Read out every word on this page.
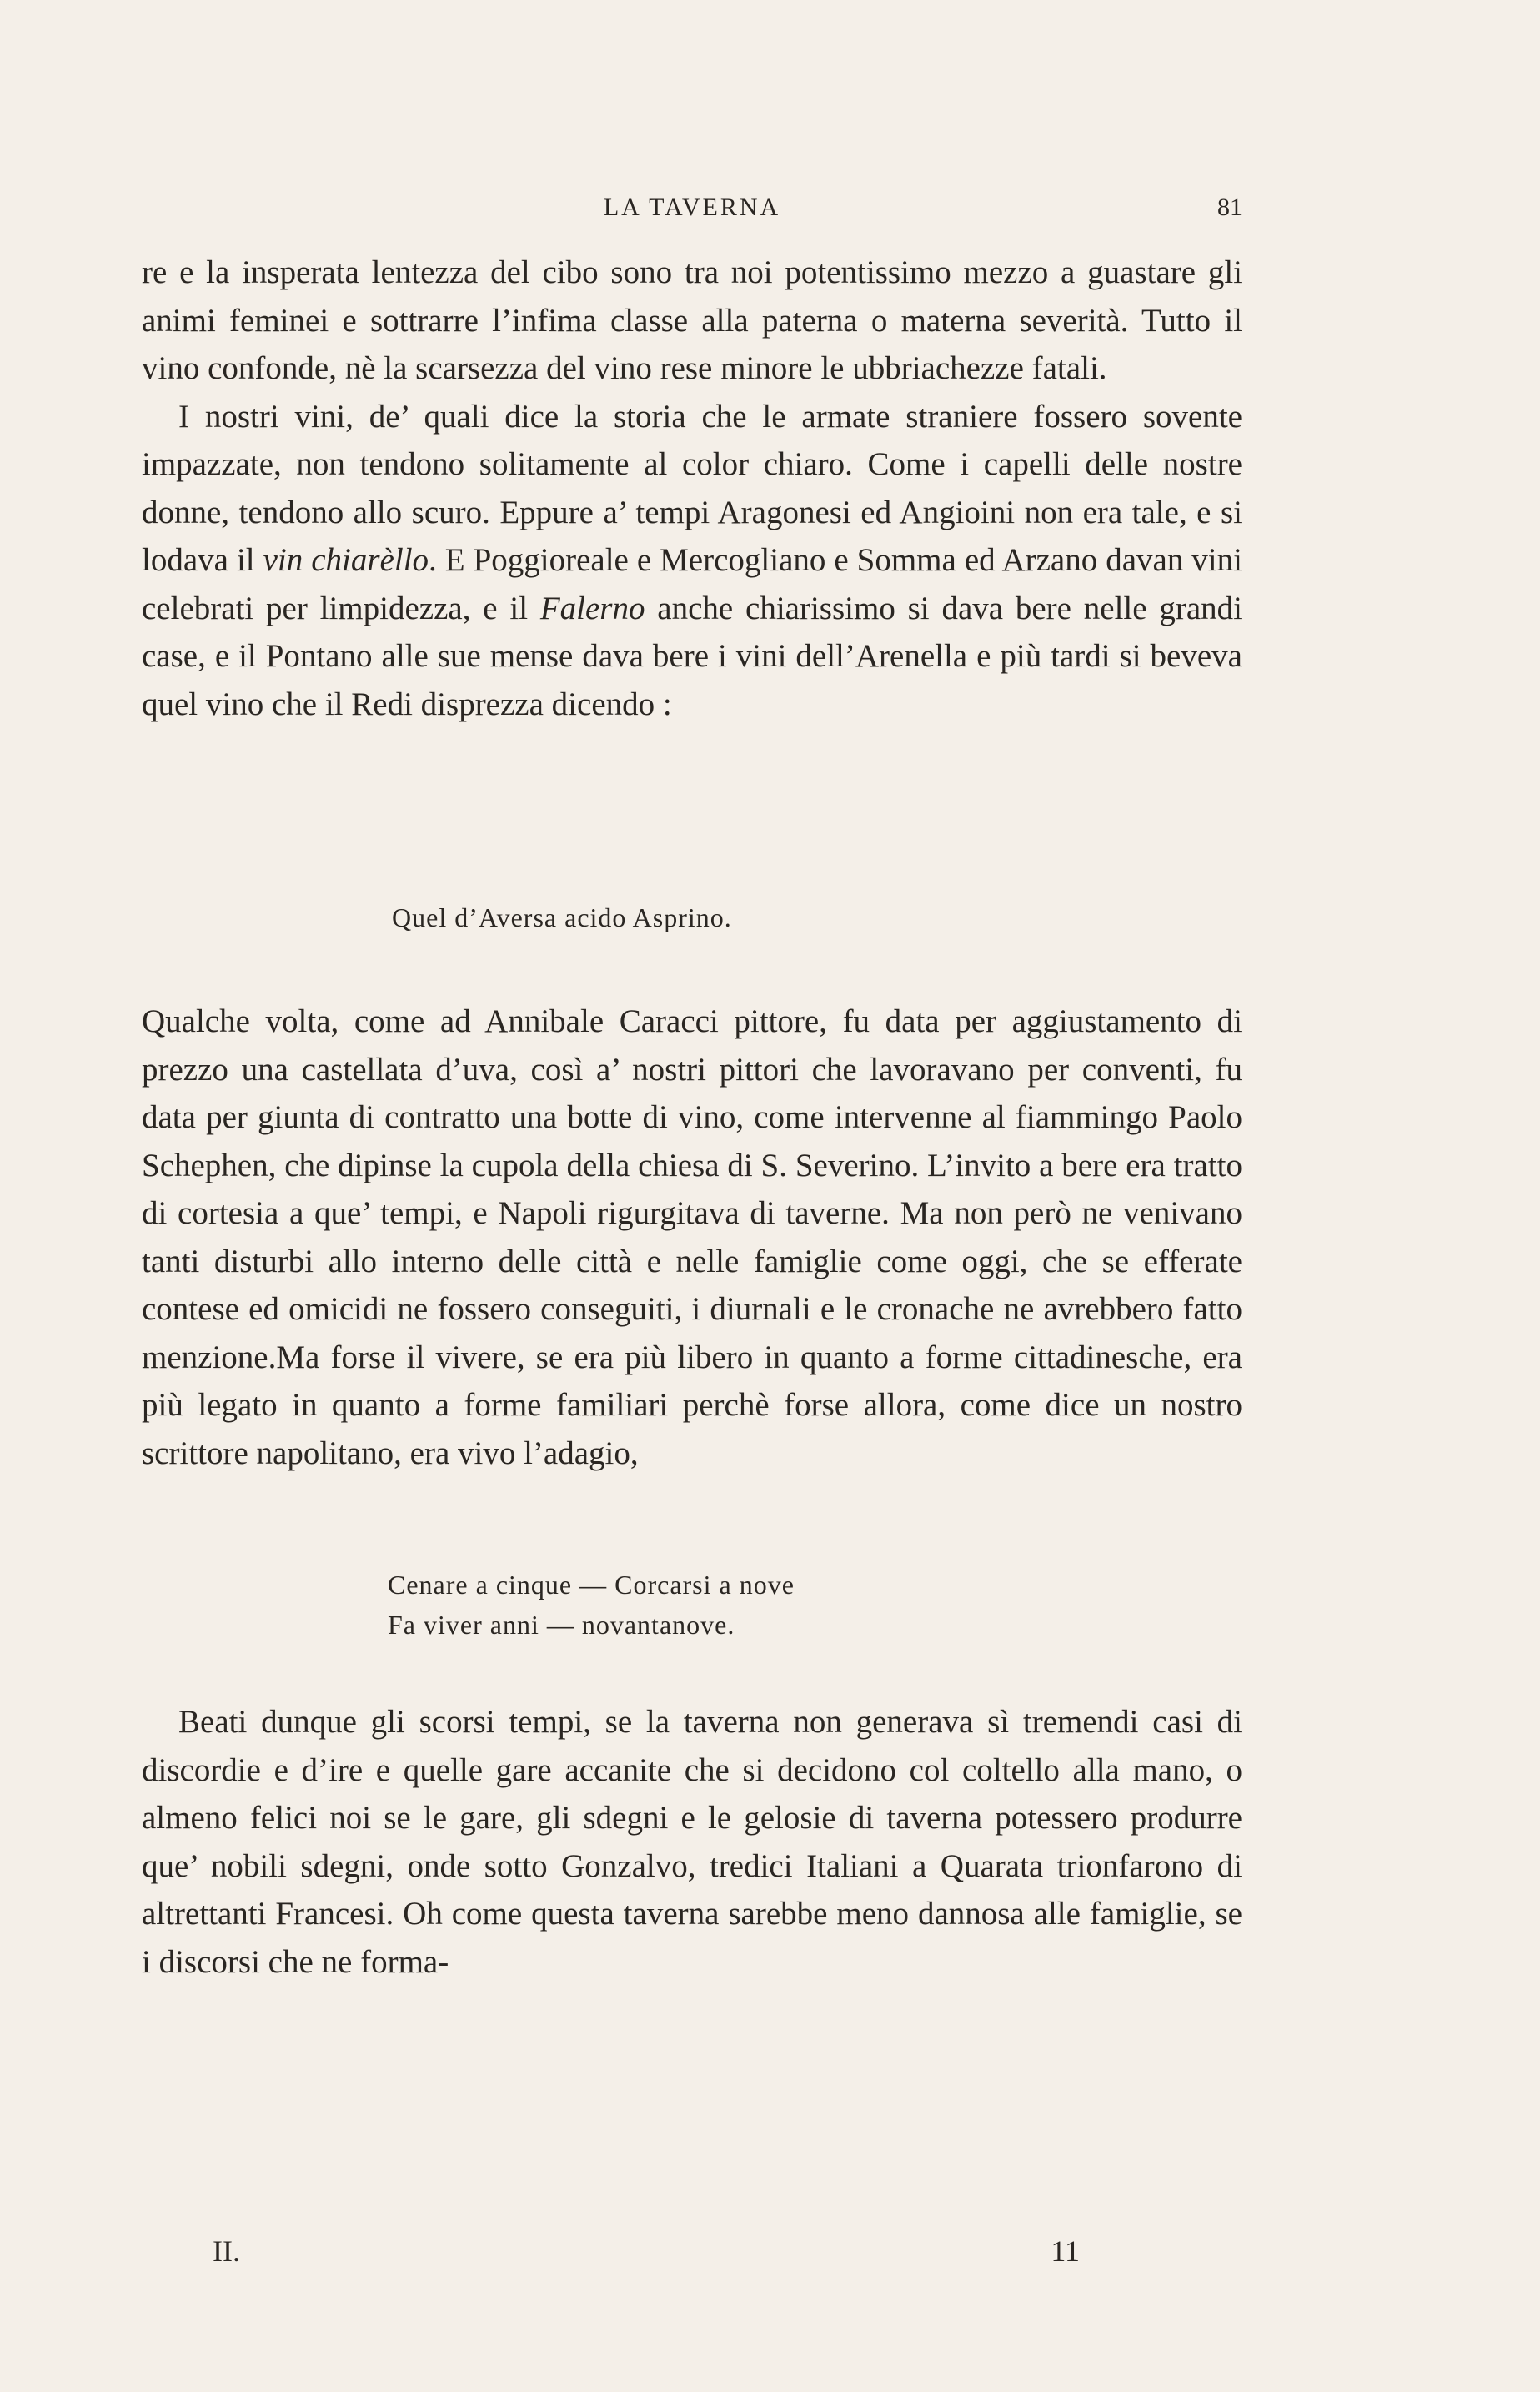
LA TAVERNA	81

re e la insperata lentezza del cibo sono tra noi potentissimo mezzo a guastare gli animi feminei e sottrarre l’infima classe alla paterna o materna severità. Tutto il vino confonde, nè la scarsezza del vino rese minore le ubbriachezze fatali.

I nostri vini, de’ quali dice la storia che le armate straniere fossero sovente impazzate, non tendono solitamente al color chiaro. Come i capelli delle nostre donne, tendono allo scuro. Eppure a’ tempi Aragonesi ed Angioini non era tale, e si lodava il vin chiarèllo. E Poggioreale e Mercogliano e Somma ed Arzano davan vini celebrati per limpidezza, e il Falerno anche chiarissimo si dava bere nelle grandi case, e il Pontano alle sue mense dava bere i vini dell’Arenella e più tardi si beveva quel vino che il Redi disprezza dicendo :

Quel d’Aversa acido Asprino.

Qualche volta, come ad Annibale Caracci pittore, fu data per aggiustamento di prezzo una castellata d’uva, così a’ nostri pittori che lavoravano per conventi, fu data per giunta di contratto una botte di vino, come intervenne al fiammingo Paolo Schephen, che dipinse la cupola della chiesa di S. Severino. L’invito a bere era tratto di cortesia a que’ tempi, e Napoli rigurgitava di taverne. Ma non però ne venivano tanti disturbi allo interno delle città e nelle famiglie come oggi, che se efferate contese ed omicidi ne fossero conseguiti, i diurnali e le cronache ne avrebbero fatto menzione.Ma forse il vivere, se era più libero in quanto a forme cittadinesche, era più legato in quanto a forme familiari perchè forse allora, come dice un nostro scrittore napolitano, era vivo l’adagio,

Cenare a cinque — Corcarsi a nove
Fa viver anni — novantanove.

Beati dunque gli scorsi tempi, se la taverna non generava sì tremendi casi di discordie e d’ire e quelle gare accanite che si decidono col coltello alla mano, o almeno felici noi se le gare, gli sdegni e le gelosie di taverna potessero produrre que’ nobili sdegni, onde sotto Gonzalvo, tredici Italiani a Quarata trionfarono di altrettanti Francesi. Oh come questa taverna sarebbe meno dannosa alle famiglie, se i discorsi che ne forma-

II.	11
